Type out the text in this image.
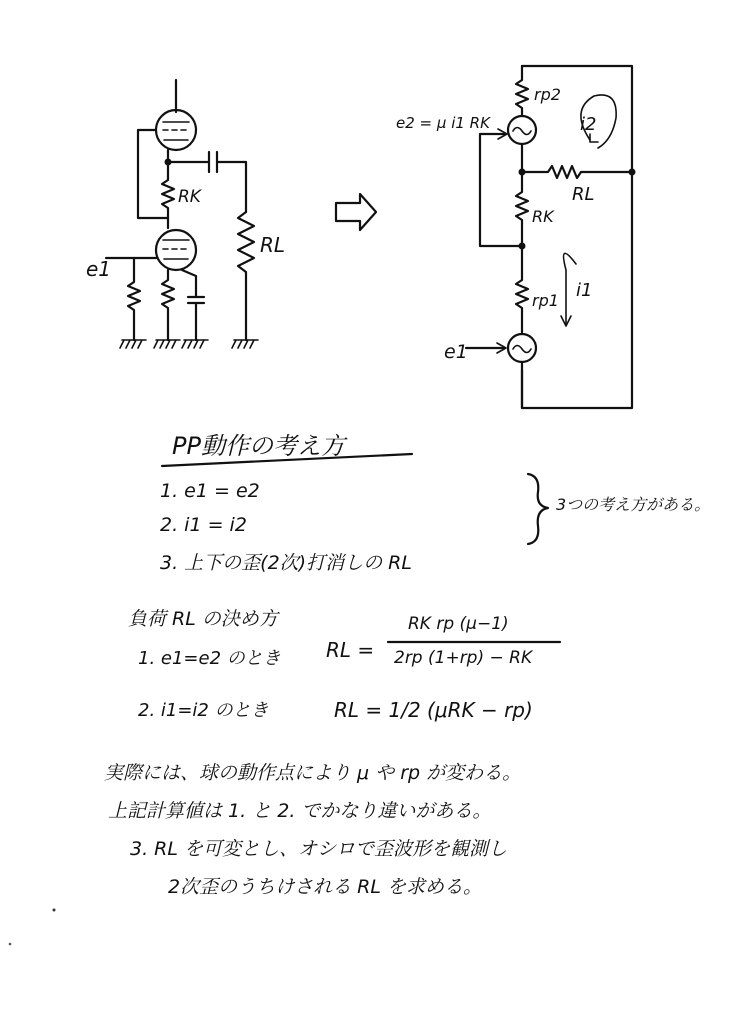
RK
RL
e1
e2 = μ i1 RK
rp2
i2
RL
RK
rp1 i1
e1
PP動作の考え方
1. e1 = e2
2. i1 = i2
3. 上下の歪(2次)打消しの RL
3つの考え方がある。
負荷 RL の決め方
1. e1=e2 のとき RL =
RK rp (μ−1)
2rp (1+rp) − RK
2. i1=i2 のとき	RL = 1/2 (μRK − rp)
実際には、球の動作点により μ や rp が変わる。
上記計算値は 1. と 2. でかなり違いがある。
3. RL を可変とし、オシロで歪波形を観測し
2次歪のうちけされる RL を求める。
